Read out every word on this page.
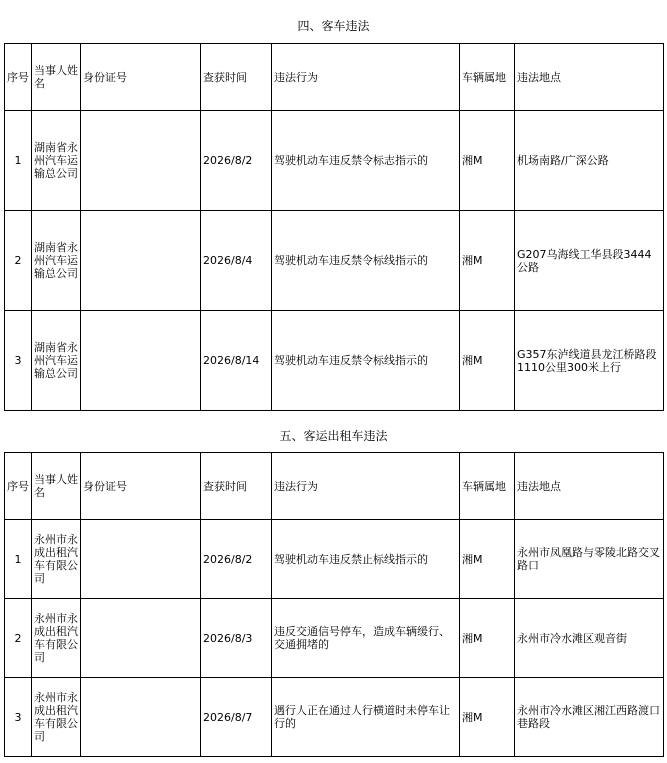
四、客车违法
序号	当事人姓名	身份证号	查获时间	违法行为	车辆属地	违法地点
1	湖南省永州汽车运输总公司		2026/8/2	驾驶机动车违反禁令标志指示的	湘M	机场南路/广深公路
2	湖南省永州汽车运输总公司		2026/8/4	驾驶机动车违反禁令标线指示的	湘M	G207乌海线工华县段3444公路
3	湖南省永州汽车运输总公司		2026/8/14	驾驶机动车违反禁令标线指示的	湘M	G357东泸线道县龙江桥路段1110公里300米上行
五、客运出租车违法
序号	当事人姓名	身份证号	查获时间	违法行为	车辆属地	违法地点
1	永州市永成出租汽车有限公司		2026/8/2	驾驶机动车违反禁止标线指示的	湘M	永州市凤凰路与零陵北路交叉路口
2	永州市永成出租汽车有限公司		2026/8/3	违反交通信号停车，造成车辆缓行、交通拥堵的	湘M	永州市冷水滩区观音街
3	永州市永成出租汽车有限公司		2026/8/7	遇行人正在通过人行横道时未停车让行的	湘M	永州市冷水滩区湘江西路渡口巷路段
